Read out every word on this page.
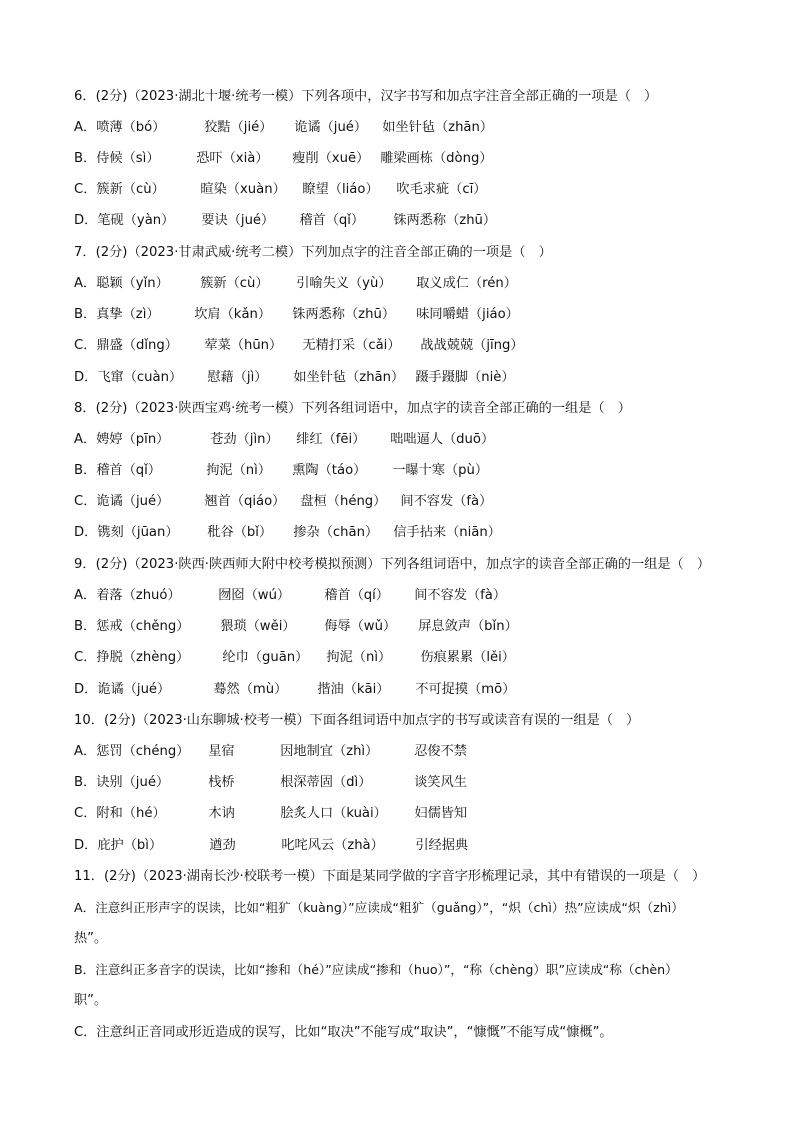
6．(2分)（2023·湖北十堰·统考一模）下列各项中，汉字书写和加点字注音全部正确的一项是（　）
A．喷薄（bó）	狡黠（jié） 诡谲（jué） 如坐针毡（zhān）
B．侍候（sì）	恐吓（xià） 瘦削（xuē） 雕梁画栋（dòng）
C．簇新（cù）	暄染（xuàn） 瞭望（liáo） 吹毛求疵（cī）
D．笔砚（yàn） 要诀（jué） 稽首（qǐ） 铢两悉称（zhū）
7．(2分)（2023·甘肃武威·统考二模）下列加点字的注音全部正确的一项是（　）
A．聪颖（yǐn） 簇新（cù） 引喻失义（yù） 取义成仁（rén）
B．真挚（zì）	坎肩（kǎn） 铢两悉称（zhū） 味同嚼蜡（jiáo）
C．鼎盛（dǐng） 荤菜（hūn） 无精打采（cǎi） 战战兢兢（jīng）
D．飞窜（cuàn） 慰藉（jì） 如坐针毡（zhān） 蹑手蹑脚（niè）
8．(2分)（2023·陕西宝鸡·统考一模）下列各组词语中，加点字的读音全部正确的一组是（　）
A．娉婷（pīn）	苍劲（jìn） 绯红（fēi） 咄咄逼人（duō）
B．稽首（qǐ）	拘泥（nì） 熏陶（táo） 一曝十寒（pù）
C．诡谲（jué）	翘首（qiáo） 盘桓（héng） 间不容发（fà）
D．镌刻（jūan） 秕谷（bǐ） 掺杂（chān） 信手拈来（niān）
9．(2分)（2023·陕西·陕西师大附中校考模拟预测）下列各组词语中，加点字的读音全部正确的一组是（　）
A．着落（zhuó）	囫囵（wú）	稽首（qí） 间不容发（fà）
B．惩戒（chěng） 猥琐（wěi） 侮辱（wǔ） 屏息敛声（bǐn）
C．挣脱（zhèng）	纶巾（guān） 拘泥（nì） 伤痕累累（lěi）
D．诡谲（jué）	蓦然（mù） 揩油（kāi） 不可捉摸（mō）
10．(2分)（2023·山东聊城·校考一模）下面各组词语中加点字的书写或读音有误的一组是（　）
A．惩罚（chéng） 星宿	因地制宜（zhì）	忍俊不禁
B．诀别（jué）	栈桥	根深蒂固（dì）	谈笑风生
C．附和（hé）	木讷	脍炙人口（kuài） 妇儒皆知
D．庇护（bì）	遒劲	叱咤风云（zhà） 引经据典
11．(2分)（2023·湖南长沙·校联考一模）下面是某同学做的字音字形梳理记录，其中有错误的一项是（　）
A．注意纠正形声字的误读，比如“粗犷（kuàng）”应读成“粗犷（guǎng）”，“炽（chì）热”应读成“炽（zhì）
热”。
B．注意纠正多音字的误读，比如“掺和（hé）”应读成“掺和（huo）”，“称（chèng）职”应读成“称（chèn）
职”。
C．注意纠正音同或形近造成的误写，比如“取决”不能写成“取诀”，“慷慨”不能写成“慷概”。
